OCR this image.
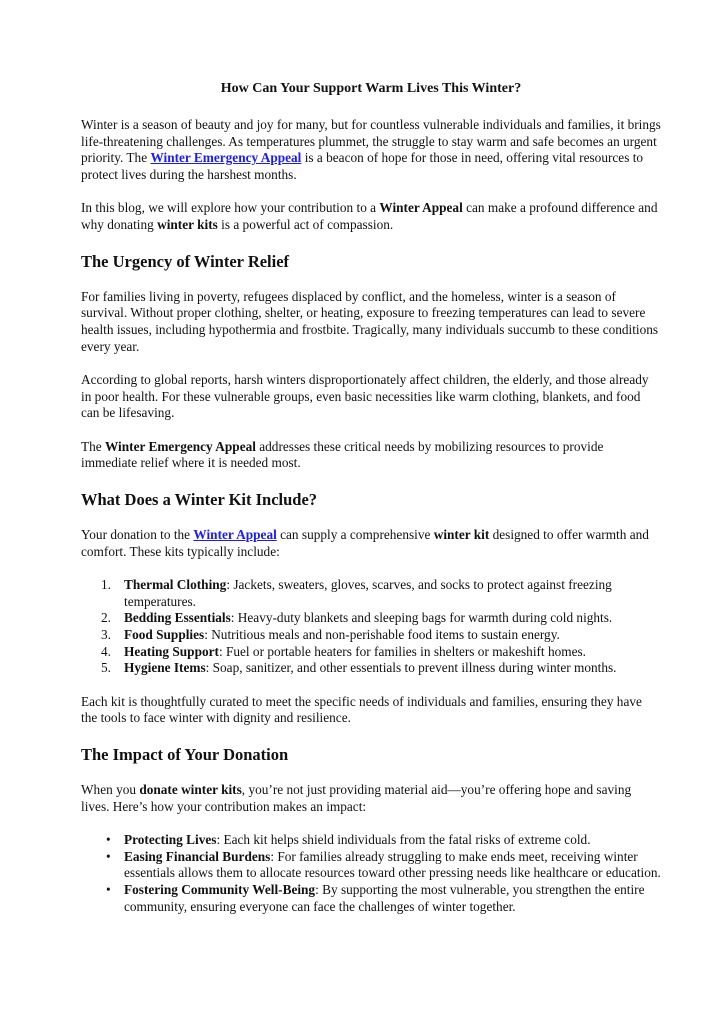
How Can Your Support Warm Lives This Winter?

Winter is a season of beauty and joy for many, but for countless vulnerable individuals and families, it brings life-threatening challenges. As temperatures plummet, the struggle to stay warm and safe becomes an urgent priority. The Winter Emergency Appeal is a beacon of hope for those in need, offering vital resources to protect lives during the harshest months.

In this blog, we will explore how your contribution to a Winter Appeal can make a profound difference and why donating winter kits is a powerful act of compassion.

The Urgency of Winter Relief

For families living in poverty, refugees displaced by conflict, and the homeless, winter is a season of survival. Without proper clothing, shelter, or heating, exposure to freezing temperatures can lead to severe health issues, including hypothermia and frostbite. Tragically, many individuals succumb to these conditions every year.

According to global reports, harsh winters disproportionately affect children, the elderly, and those already in poor health. For these vulnerable groups, even basic necessities like warm clothing, blankets, and food can be lifesaving.

The Winter Emergency Appeal addresses these critical needs by mobilizing resources to provide immediate relief where it is needed most.

What Does a Winter Kit Include?

Your donation to the Winter Appeal can supply a comprehensive winter kit designed to offer warmth and comfort. These kits typically include:

1. Thermal Clothing: Jackets, sweaters, gloves, scarves, and socks to protect against freezing temperatures.
2. Bedding Essentials: Heavy-duty blankets and sleeping bags for warmth during cold nights.
3. Food Supplies: Nutritious meals and non-perishable food items to sustain energy.
4. Heating Support: Fuel or portable heaters for families in shelters or makeshift homes.
5. Hygiene Items: Soap, sanitizer, and other essentials to prevent illness during winter months.

Each kit is thoughtfully curated to meet the specific needs of individuals and families, ensuring they have the tools to face winter with dignity and resilience.

The Impact of Your Donation

When you donate winter kits, you’re not just providing material aid—you’re offering hope and saving lives. Here’s how your contribution makes an impact:

• Protecting Lives: Each kit helps shield individuals from the fatal risks of extreme cold.
• Easing Financial Burdens: For families already struggling to make ends meet, receiving winter essentials allows them to allocate resources toward other pressing needs like healthcare or education.
• Fostering Community Well-Being: By supporting the most vulnerable, you strengthen the entire community, ensuring everyone can face the challenges of winter together.
